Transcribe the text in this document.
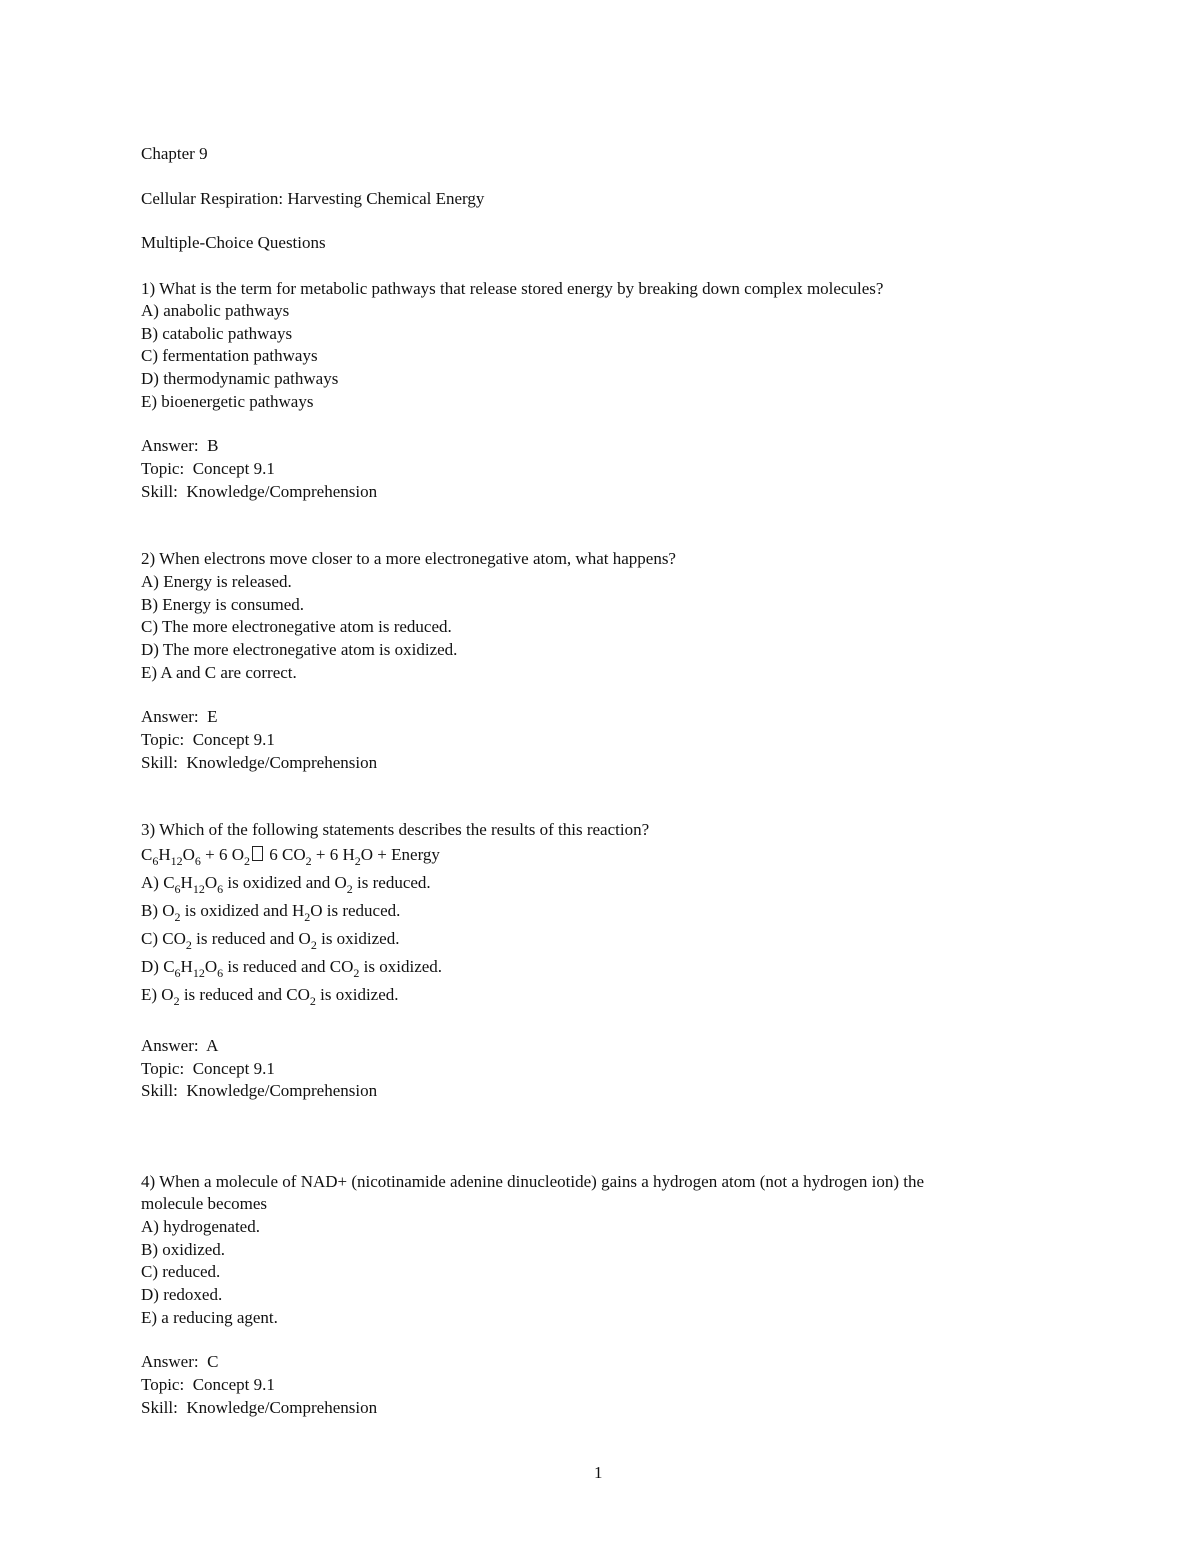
Chapter 9
Cellular Respiration: Harvesting Chemical Energy
Multiple-Choice Questions
1) What is the term for metabolic pathways that release stored energy by breaking down complex molecules?
A) anabolic pathways
B) catabolic pathways
C) fermentation pathways
D) thermodynamic pathways
E) bioenergetic pathways
Answer: B
Topic: Concept 9.1
Skill: Knowledge/Comprehension
2) When electrons move closer to a more electronegative atom, what happens?
A) Energy is released.
B) Energy is consumed.
C) The more electronegative atom is reduced.
D) The more electronegative atom is oxidized.
E) A and C are correct.
Answer: E
Topic: Concept 9.1
Skill: Knowledge/Comprehension
3) Which of the following statements describes the results of this reaction?
$C_6H_{12}O_6 + 6$ $O_2$ 6 $CO_2 + 6$ $H_2O$ + Energy
A) $C_6H_{12}O_6$ is oxidized and $O_2$ is reduced.
B) $O_2$ is oxidized and $H_2O$ is reduced.
C) $CO_2$ is reduced and $O_2$ is oxidized.
D) $C_6H_{12}O_6$ is reduced and $CO_2$ is oxidized.
E) $O_2$ is reduced and $CO_2$ is oxidized.
Answer: A
Topic: Concept 9.1
Skill: Knowledge/Comprehension
4) When a molecule of NAD+ (nicotinamide adenine dinucleotide) gains a hydrogen atom (not a hydrogen ion) the
molecule becomes
A) hydrogenated.
B) oxidized.
C) reduced.
D) redoxed.
E) a reducing agent.
Answer: C
Topic: Concept 9.1
Skill: Knowledge/Comprehension
1
